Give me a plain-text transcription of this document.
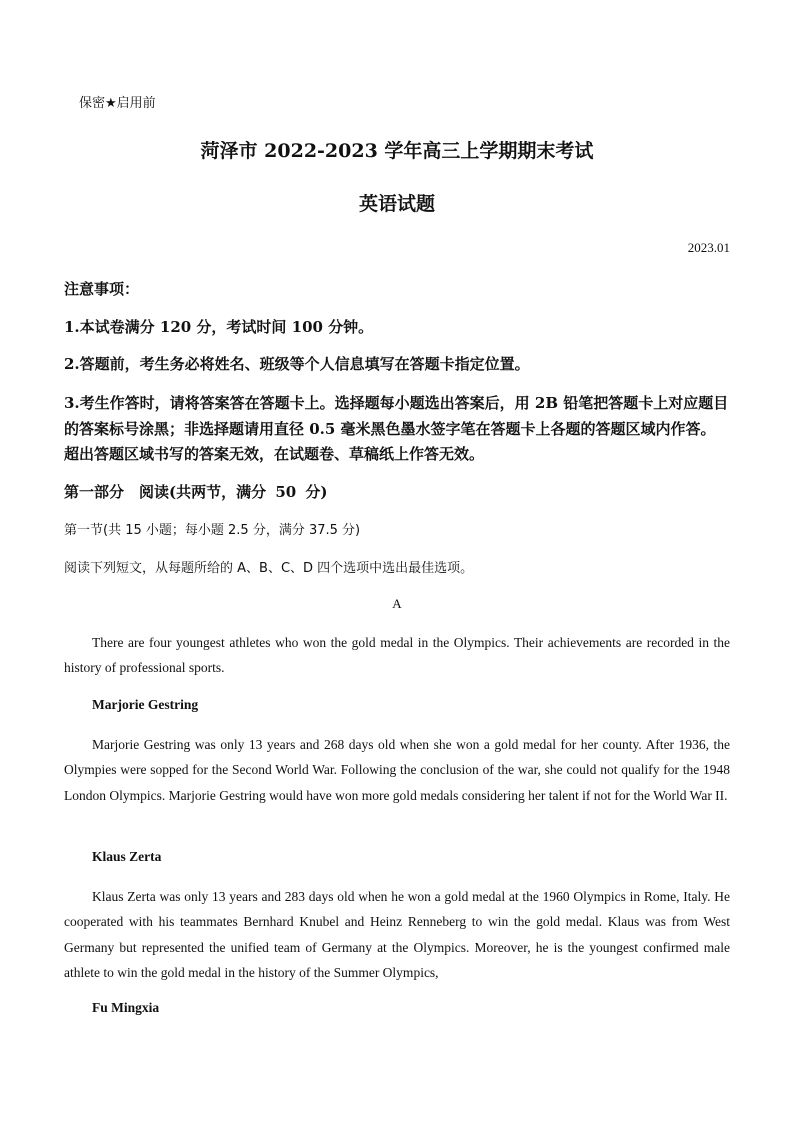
保密★启用前
菏泽市 2022-2023 学年高三上学期期末考试
英语试题
2023.01
注意事项：
1.本试卷满分 120 分，考试时间 100 分钟。
2.答题前，考生务必将姓名、班级等个人信息填写在答题卡指定位置。
3.考生作答时，请将答案答在答题卡上。选择题每小题选出答案后，用 2B 铅笔把答题卡上对应题目的答案标号涂黑；非选择题请用直径 0.5 毫米黑色墨水签字笔在答题卡上各题的答题区域内作答。超出答题区域书写的答案无效，在试题卷、草稿纸上作答无效。
第一部分　阅读(共两节，满分 50 分)
第一节(共 15 小题；每小题 2.5 分，满分 37.5 分)
阅读下列短文，从每题所给的 A、B、C、D 四个选项中选出最佳选项。
A
There are four youngest athletes who won the gold medal in the Olympics. Their achievements are recorded in the history of professional sports.
Marjorie Gestring
Marjorie Gestring was only 13 years and 268 days old when she won a gold medal for her county. After 1936, the Olympies were sopped for the Second World War. Following the conclusion of the war, she could not qualify for the 1948 London Olympics. Marjorie Gestring would have won more gold medals considering her talent if not for the World War II.
Klaus Zerta
Klaus Zerta was only 13 years and 283 days old when he won a gold medal at the 1960 Olympics in Rome, Italy. He cooperated with his teammates Bernhard Knubel and Heinz Renneberg to win the gold medal. Klaus was from West Germany but represented the unified team of Germany at the Olympics. Moreover, he is the youngest confirmed male athlete to win the gold medal in the history of the Summer Olympics,
Fu Mingxia
